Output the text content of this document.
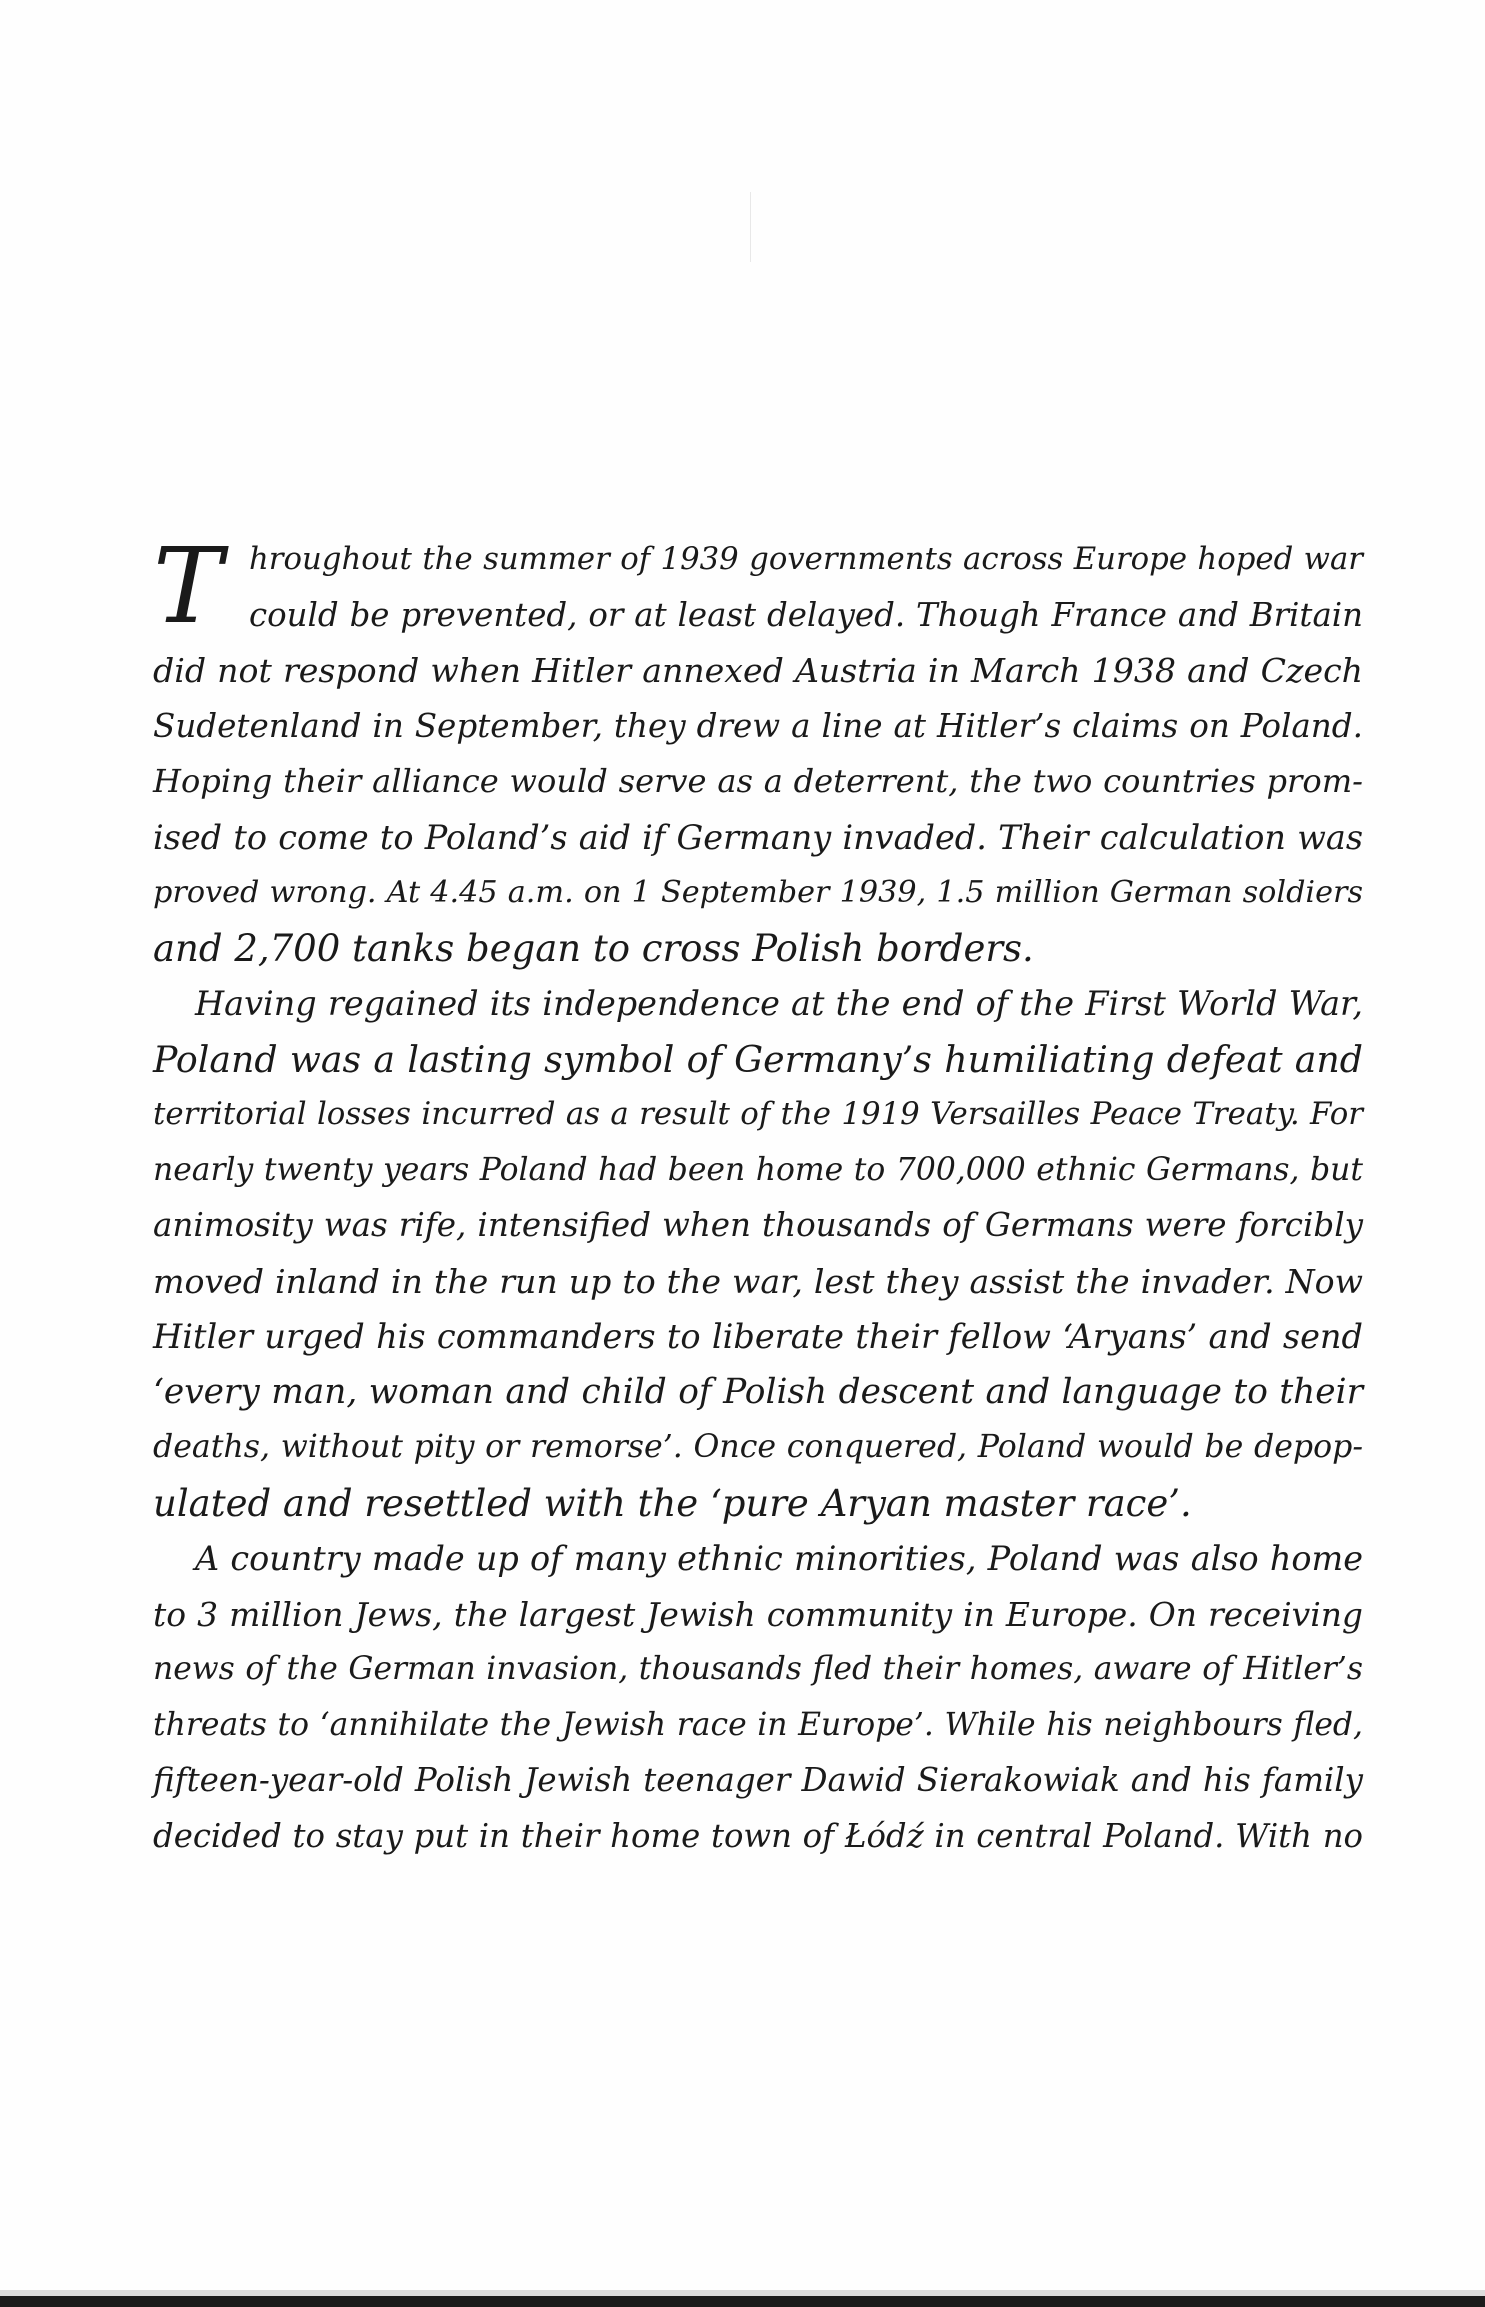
T hroughout the summer of 1939 governments across Europe hoped war
could be prevented, or at least delayed. Though France and Britain
did not respond when Hitler annexed Austria in March 1938 and Czech
Sudetenland in September, they drew a line at Hitler’s claims on Poland.
Hoping their alliance would serve as a deterrent, the two countries prom-
ised to come to Poland’s aid if Germany invaded. Their calculation was
proved wrong. At 4.45 a.m. on 1 September 1939, 1.5 million German soldiers
and 2,700 tanks began to cross Polish borders.
Having regained its independence at the end of the First World War,
Poland was a lasting symbol of Germany’s humiliating defeat and
territorial losses incurred as a result of the 1919 Versailles Peace Treaty. For
nearly twenty years Poland had been home to 700,000 ethnic Germans, but
animosity was rife, intensified when thousands of Germans were forcibly
moved inland in the run up to the war, lest they assist the invader. Now
Hitler urged his commanders to liberate their fellow ‘Aryans’ and send
‘every man, woman and child of Polish descent and language to their
deaths, without pity or remorse’. Once conquered, Poland would be depop-
ulated and resettled with the ‘pure Aryan master race’.
A country made up of many ethnic minorities, Poland was also home
to 3 million Jews, the largest Jewish community in Europe. On receiving
news of the German invasion, thousands fled their homes, aware of Hitler’s
threats to ‘annihilate the Jewish race in Europe’. While his neighbours fled,
fifteen-year-old Polish Jewish teenager Dawid Sierakowiak and his family
decided to stay put in their home town of Łódź in central Poland. With no
